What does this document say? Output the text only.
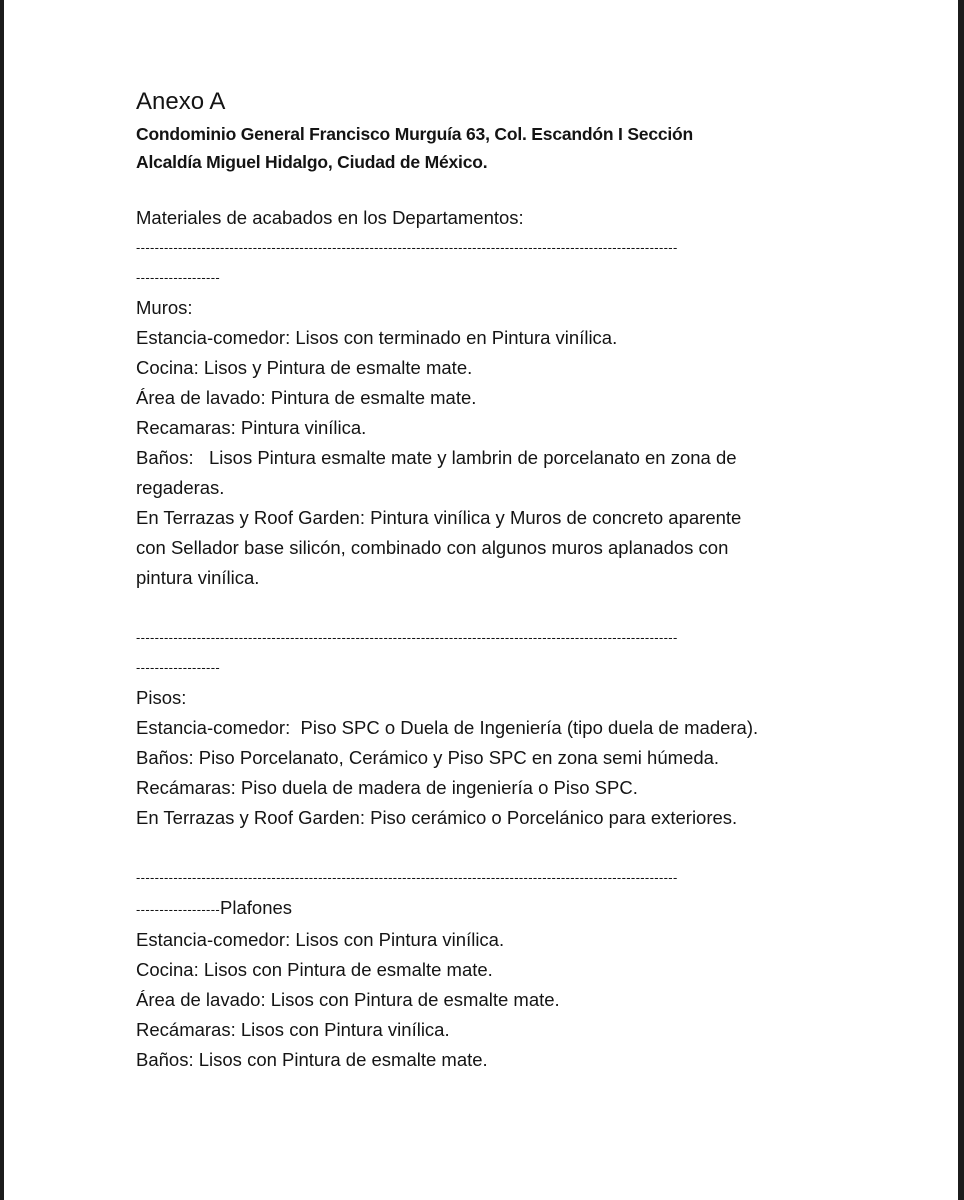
Anexo A

Condominio General Francisco Murguía 63, Col. Escandón I Sección

Alcaldía Miguel Hidalgo, Ciudad de México.

Materiales de acabados en los Departamentos:
--------------------------------------------------------------------------------------------------------------------
------------------
Muros:

Estancia-comedor: Lisos con terminado en Pintura vinílica.

Cocina: Lisos y Pintura de esmalte mate.

Área de lavado: Pintura de esmalte mate.

Recamaras: Pintura vinílica.

Baños:   Lisos Pintura esmalte mate y lambrin de porcelanato en zona de

regaderas.

En Terrazas y Roof Garden: Pintura vinílica y Muros de concreto aparente

con Sellador base silicón, combinado con algunos muros aplanados con

pintura vinílica.

--------------------------------------------------------------------------------------------------------------------
------------------
Pisos:

Estancia-comedor:  Piso SPC o Duela de Ingeniería (tipo duela de madera).

Baños: Piso Porcelanato, Cerámico y Piso SPC en zona semi húmeda.

Recámaras: Piso duela de madera de ingeniería o Piso SPC.

En Terrazas y Roof Garden: Piso cerámico o Porcelánico para exteriores.

--------------------------------------------------------------------------------------------------------------------
------------------Plafones

Estancia-comedor: Lisos con Pintura vinílica.

Cocina: Lisos con Pintura de esmalte mate.

Área de lavado: Lisos con Pintura de esmalte mate.

Recámaras: Lisos con Pintura vinílica.

Baños: Lisos con Pintura de esmalte mate.
